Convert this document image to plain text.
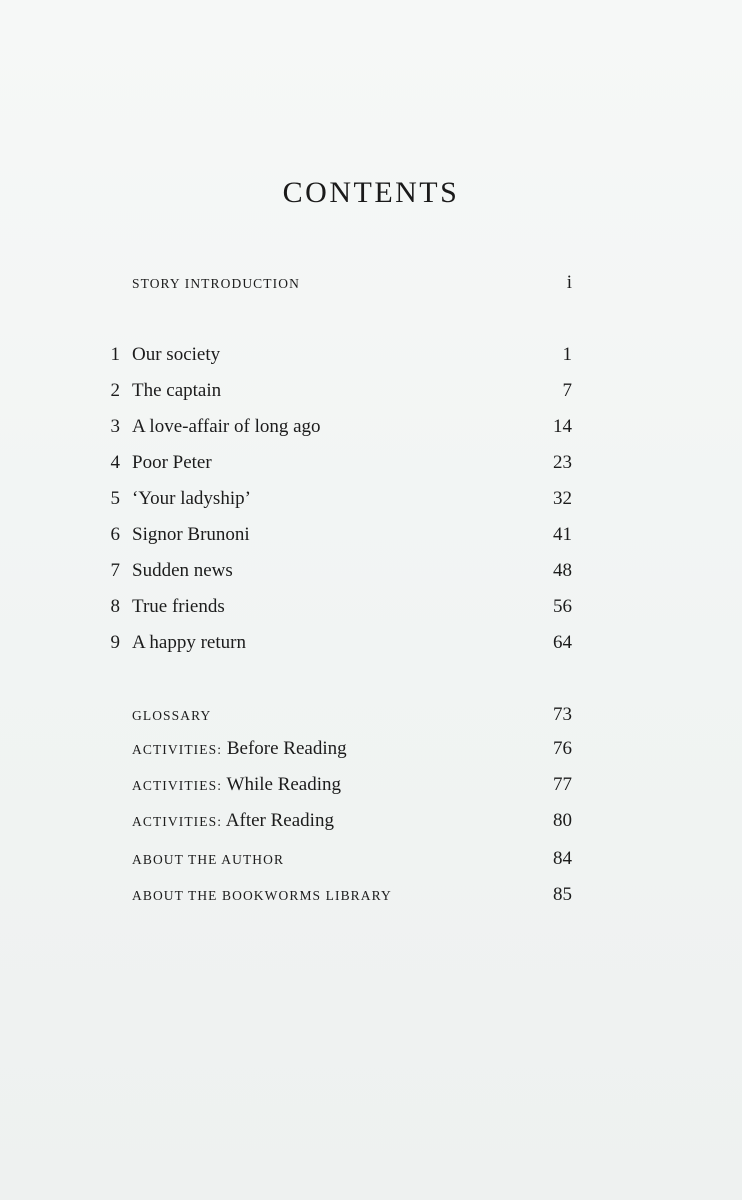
CONTENTS
STORY INTRODUCTION	i
1 Our society	1
2 The captain	7
3 A love-affair of long ago	14
4 Poor Peter	23
5 ‘Your ladyship’	32
6 Signor Brunoni	41
7 Sudden news	48
8 True friends	56
9 A happy return	64
GLOSSARY	73
ACTIVITIES: Before Reading	76
ACTIVITIES: While Reading	77
ACTIVITIES: After Reading	80
ABOUT THE AUTHOR	84
ABOUT THE BOOKWORMS LIBRARY	85
